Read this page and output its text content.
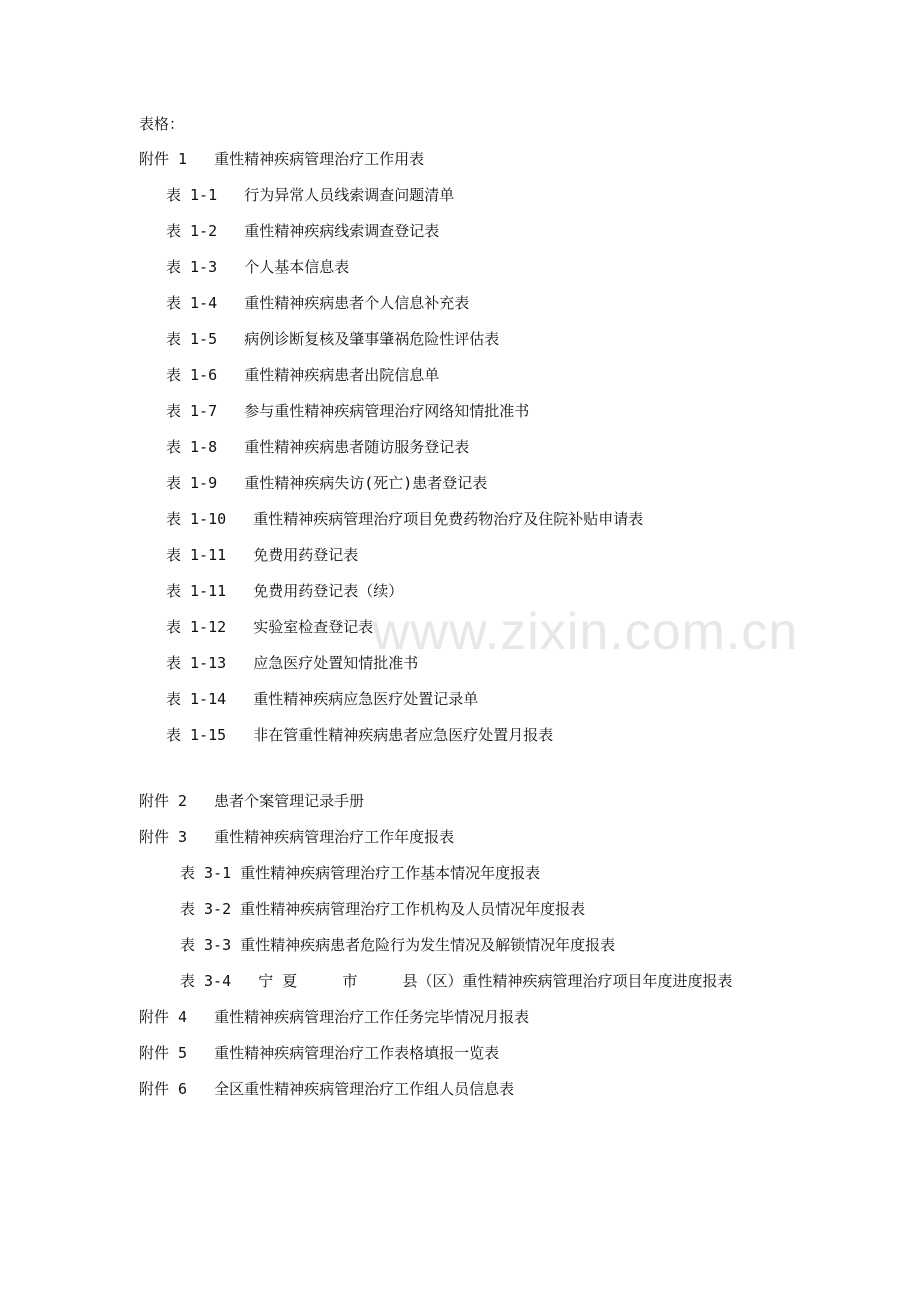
表格：
附件 1   重性精神疾病管理治疗工作用表
表 1-1   行为异常人员线索调查问题清单
表 1-2   重性精神疾病线索调查登记表
表 1-3   个人基本信息表
表 1-4   重性精神疾病患者个人信息补充表
表 1-5   病例诊断复核及肇事肇祸危险性评估表
表 1-6   重性精神疾病患者出院信息单
表 1-7   参与重性精神疾病管理治疗网络知情批准书
表 1-8   重性精神疾病患者随访服务登记表
表 1-9   重性精神疾病失访(死亡)患者登记表
表 1-10   重性精神疾病管理治疗项目免费药物治疗及住院补贴申请表
表 1-11   免费用药登记表
表 1-11   免费用药登记表（续）
表 1-12   实验室检查登记表
表 1-13   应急医疗处置知情批准书
表 1-14   重性精神疾病应急医疗处置记录单
表 1-15   非在管重性精神疾病患者应急医疗处置月报表
附件 2   患者个案管理记录手册
附件 3   重性精神疾病管理治疗工作年度报表
表 3-1 重性精神疾病管理治疗工作基本情况年度报表
表 3-2 重性精神疾病管理治疗工作机构及人员情况年度报表
表 3-3 重性精神疾病患者危险行为发生情况及解锁情况年度报表
表 3-4   宁 夏     市     县（区）重性精神疾病管理治疗项目年度进度报表
附件 4   重性精神疾病管理治疗工作任务完毕情况月报表
附件 5   重性精神疾病管理治疗工作表格填报一览表
附件 6   全区重性精神疾病管理治疗工作组人员信息表
www.zixin.com.cn
